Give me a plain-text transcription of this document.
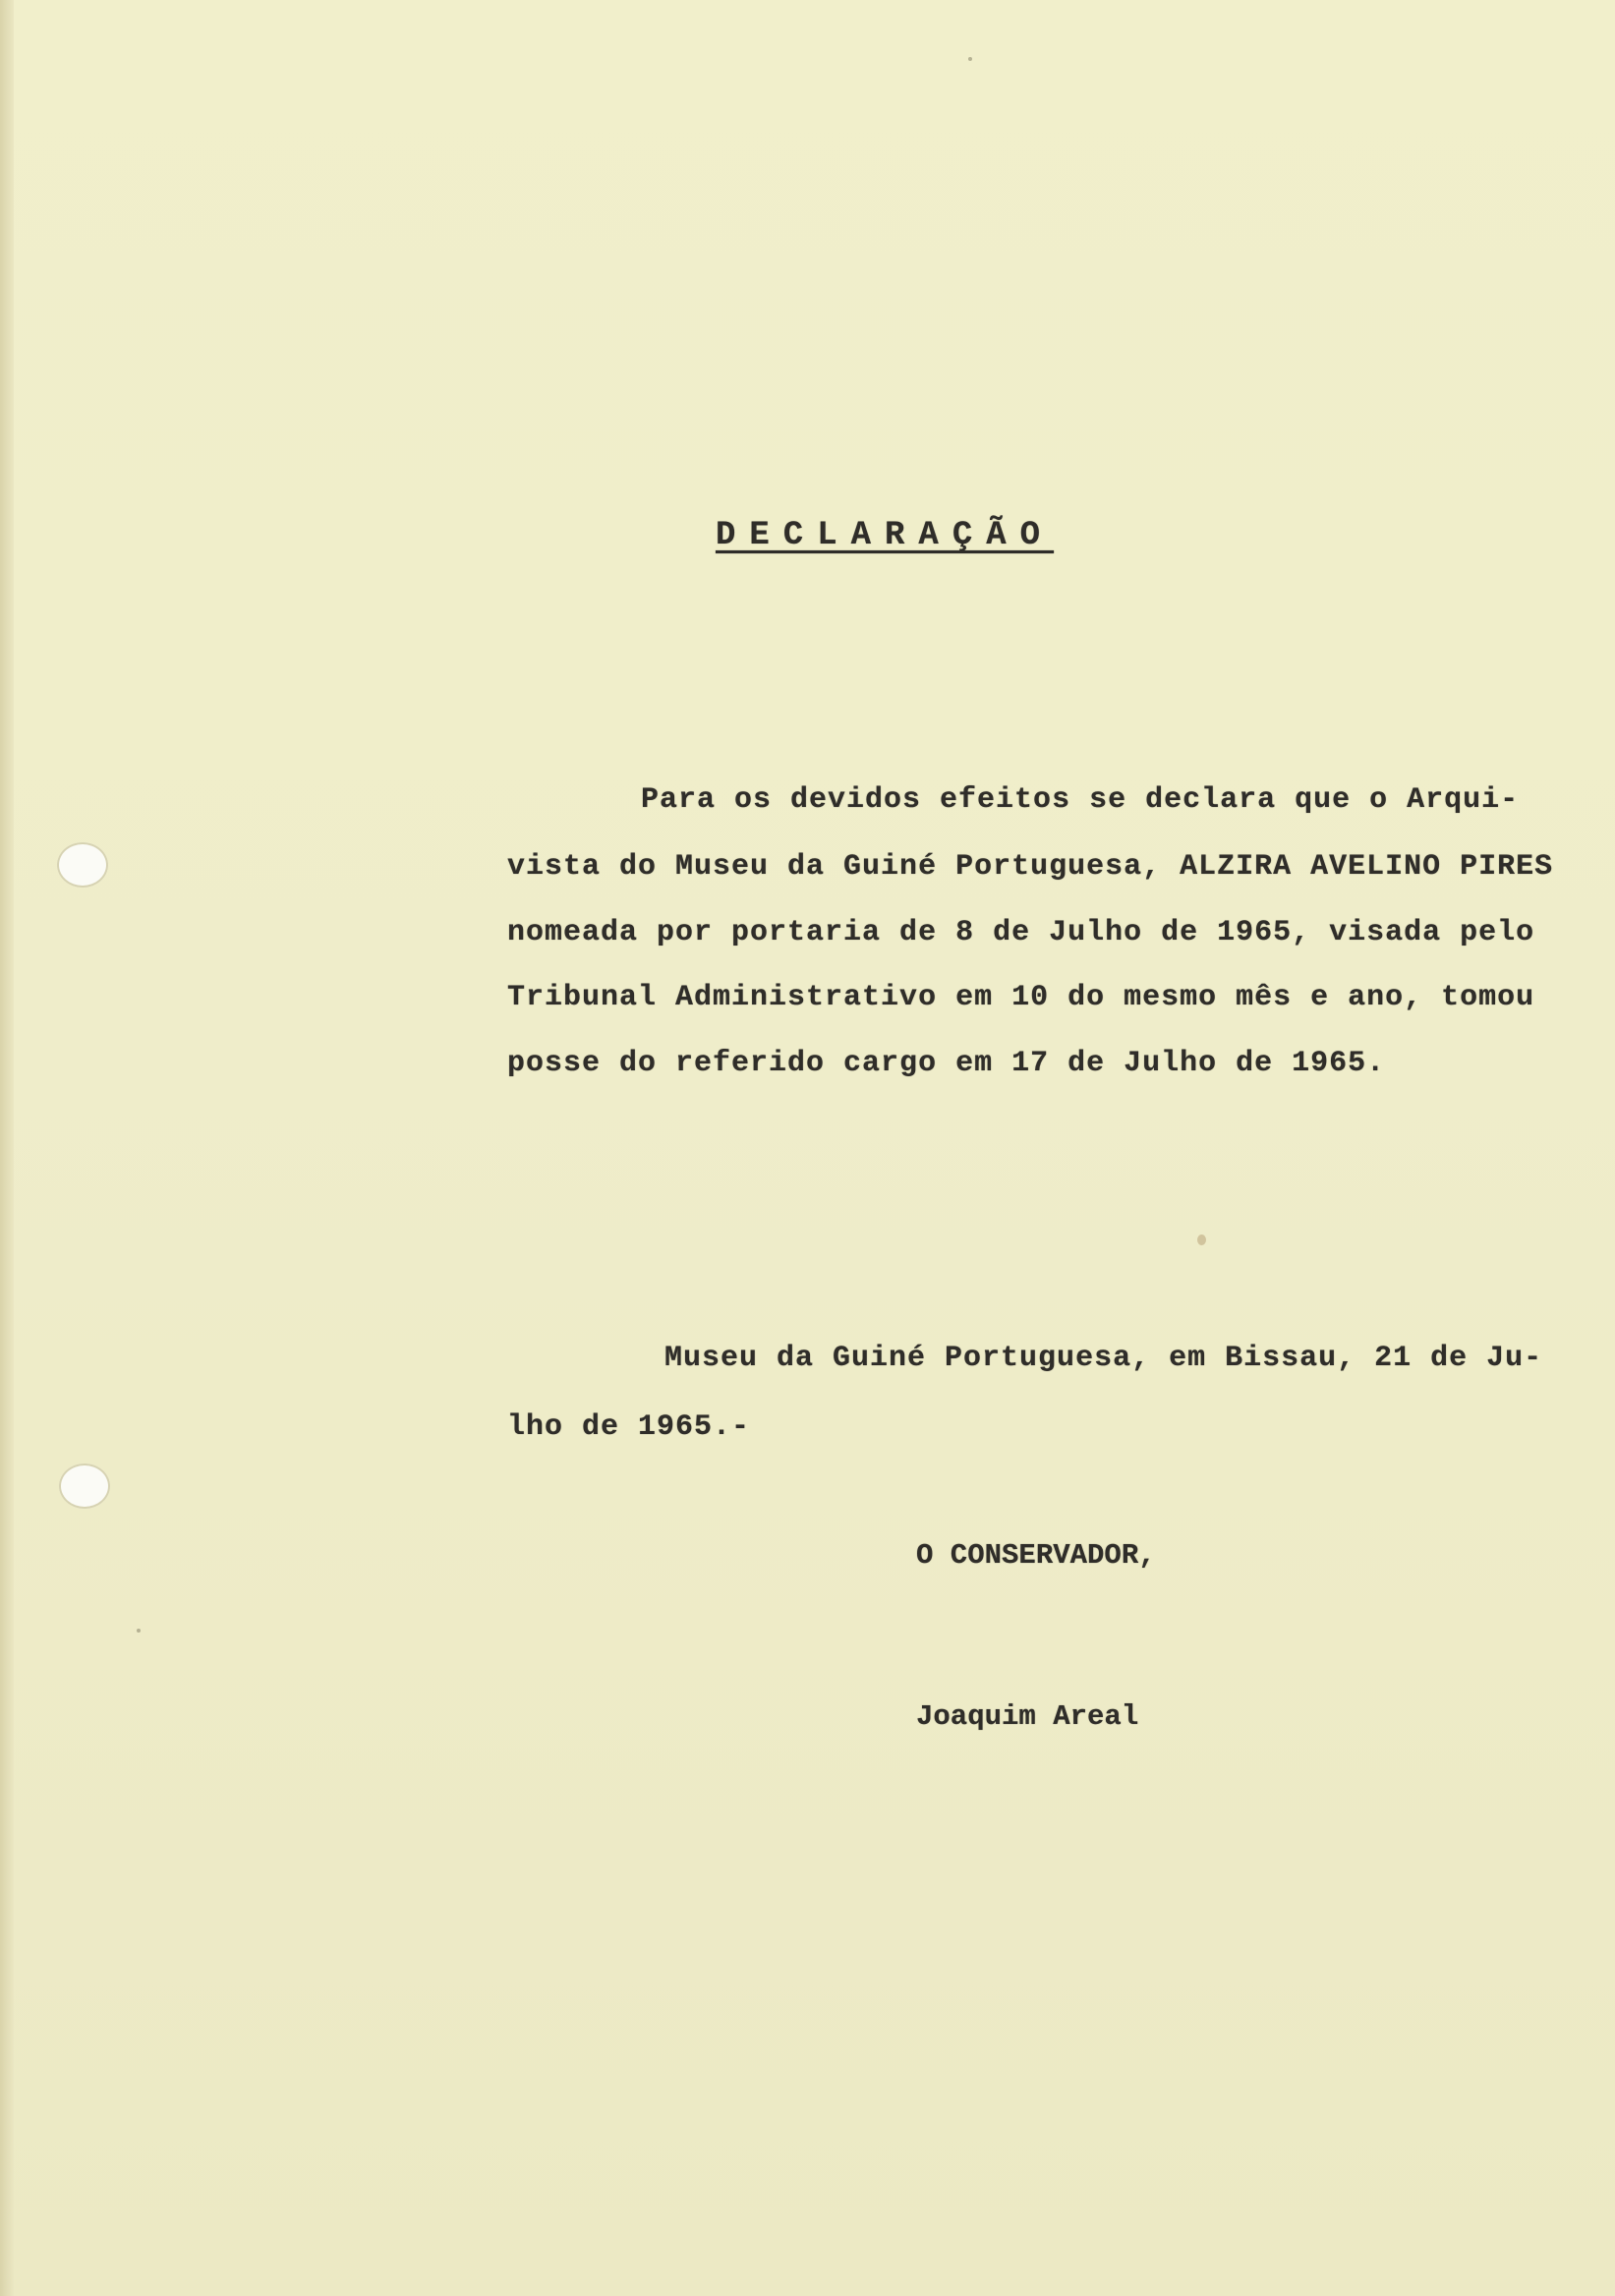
DECLARAÇÃO
Para os devidos efeitos se declara que o Arqui-
vista do Museu da Guiné Portuguesa, ALZIRA AVELINO PIRES
nomeada por portaria de 8 de Julho de 1965, visada pelo
Tribunal Administrativo em 10 do mesmo mês e ano, tomou
posse do referido cargo em 17 de Julho de 1965.
Museu da Guiné Portuguesa, em Bissau, 21 de Ju-
lho de 1965.-
O CONSERVADOR,
Joaquim Areal
